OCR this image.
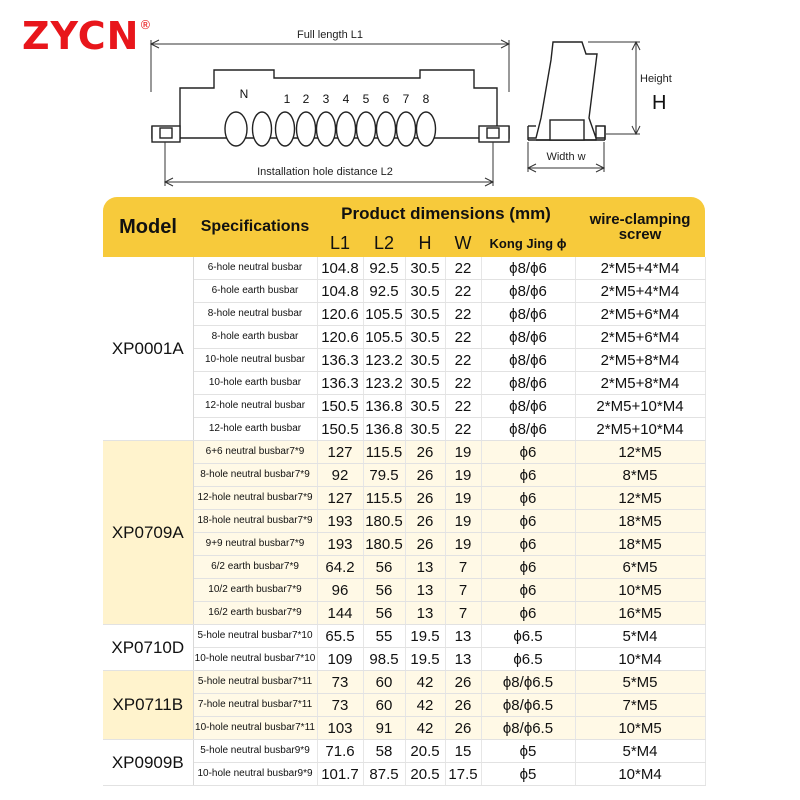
ZYCN®
Full length L1
N	1 2 3 4 5 6 7 8
Installation hole distance L2
Height
H
Width w
Model	Specifications	Product dimensions (mm)					wire-clamping screw
		L1	L2	H	W	Kong Jing ϕ	
XP0001A	6-hole neutral busbar	104.8	92.5	30.5	22	ϕ8/ϕ6	2*M5+4*M4
	6-hole earth busbar	104.8	92.5	30.5	22	ϕ8/ϕ6	2*M5+4*M4
	8-hole neutral busbar	120.6	105.5	30.5	22	ϕ8/ϕ6	2*M5+6*M4
	8-hole earth busbar	120.6	105.5	30.5	22	ϕ8/ϕ6	2*M5+6*M4
	10-hole neutral busbar	136.3	123.2	30.5	22	ϕ8/ϕ6	2*M5+8*M4
	10-hole earth busbar	136.3	123.2	30.5	22	ϕ8/ϕ6	2*M5+8*M4
	12-hole neutral busbar	150.5	136.8	30.5	22	ϕ8/ϕ6	2*M5+10*M4
	12-hole earth busbar	150.5	136.8	30.5	22	ϕ8/ϕ6	2*M5+10*M4
XP0709A	6+6 neutral busbar7*9	127	115.5	26	19	ϕ6	12*M5
	8-hole neutral busbar7*9	92	79.5	26	19	ϕ6	8*M5
	12-hole neutral busbar7*9	127	115.5	26	19	ϕ6	12*M5
	18-hole neutral busbar7*9	193	180.5	26	19	ϕ6	18*M5
	9+9 neutral busbar7*9	193	180.5	26	19	ϕ6	18*M5
	6/2 earth busbar7*9	64.2	56	13	7	ϕ6	6*M5
	10/2 earth busbar7*9	96	56	13	7	ϕ6	10*M5
	16/2 earth busbar7*9	144	56	13	7	ϕ6	16*M5
XP0710D	5-hole neutral busbar7*10	65.5	55	19.5	13	ϕ6.5	5*M4
	10-hole neutral busbar7*10	109	98.5	19.5	13	ϕ6.5	10*M4
XP0711B	5-hole neutral busbar7*11	73	60	42	26	ϕ8/ϕ6.5	5*M5
	7-hole neutral busbar7*11	73	60	42	26	ϕ8/ϕ6.5	7*M5
	10-hole neutral busbar7*11	103	91	42	26	ϕ8/ϕ6.5	10*M5
XP0909B	5-hole neutral busbar9*9	71.6	58	20.5	15	ϕ5	5*M4
	10-hole neutral busbar9*9	101.7	87.5	20.5	17.5	ϕ5	10*M4
